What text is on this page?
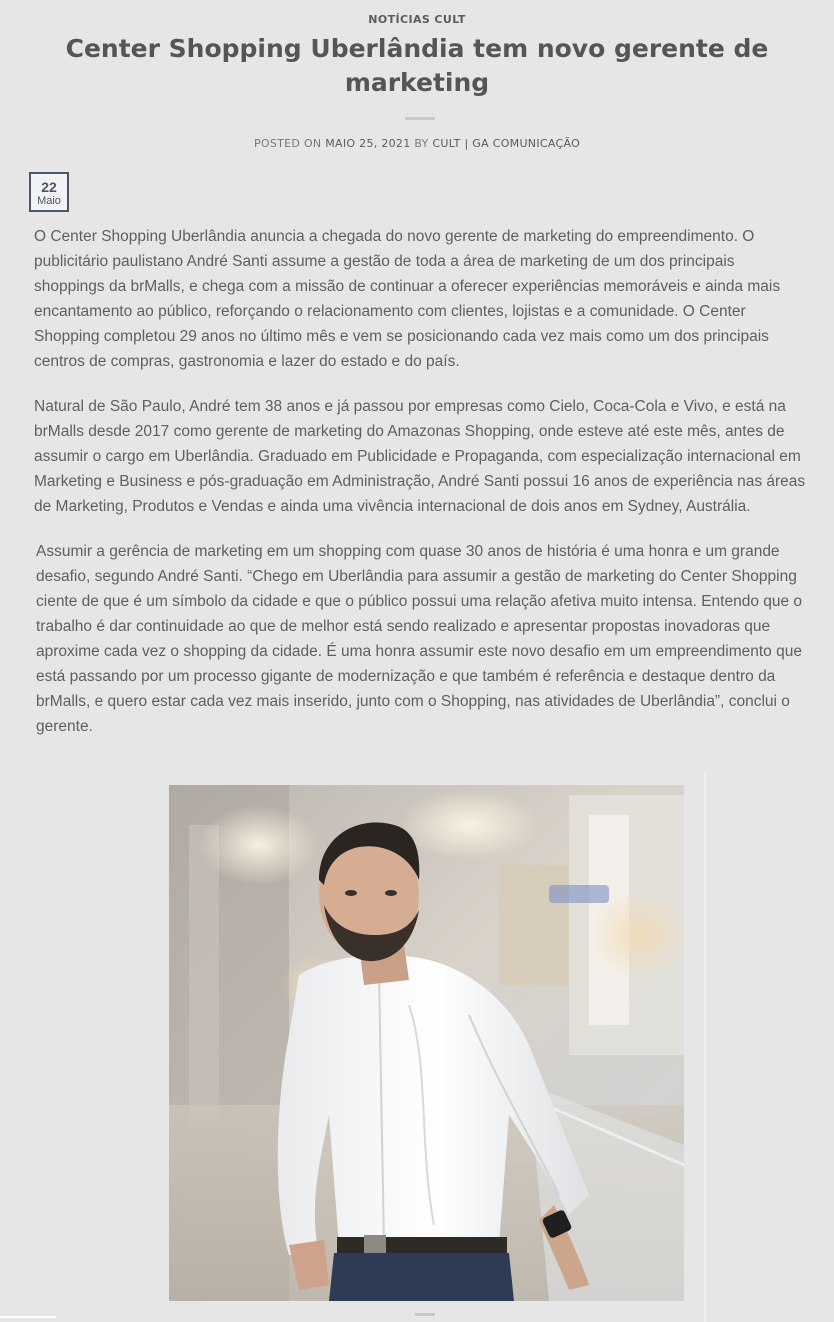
NOTÍCIAS CULT
Center Shopping Uberlândia tem novo gerente de marketing
POSTED ON MAIO 25, 2021 BY CULT | GA COMUNICAÇÃO
22
Maio

O Center Shopping Uberlândia anuncia a chegada do novo gerente de marketing do empreendimento. O publicitário paulistano André Santi assume a gestão de toda a área de marketing de um dos principais shoppings da brMalls, e chega com a missão de continuar a oferecer experiências memoráveis e ainda mais encantamento ao público, reforçando o relacionamento com clientes, lojistas e a comunidade. O Center Shopping completou 29 anos no último mês e vem se posicionando cada vez mais como um dos principais centros de compras, gastronomia e lazer do estado e do país.

Natural de São Paulo, André tem 38 anos e já passou por empresas como Cielo, Coca-Cola e Vivo, e está na brMalls desde 2017 como gerente de marketing do Amazonas Shopping, onde esteve até este mês, antes de assumir o cargo em Uberlândia. Graduado em Publicidade e Propaganda, com especialização internacional em Marketing e Business e pós-graduação em Administração, André Santi possui 16 anos de experiência nas áreas de Marketing, Produtos e Vendas e ainda uma vivência internacional de dois anos em Sydney, Austrália.

Assumir a gerência de marketing em um shopping com quase 30 anos de história é uma honra e um grande desafio, segundo André Santi. “Chego em Uberlândia para assumir a gestão de marketing do Center Shopping ciente de que é um símbolo da cidade e que o público possui uma relação afetiva muito intensa. Entendo que o trabalho é dar continuidade ao que de melhor está sendo realizado e apresentar propostas inovadoras que aproxime cada vez o shopping da cidade. É uma honra assumir este novo desafio em um empreendimento que está passando por um processo gigante de modernização e que também é referência e destaque dentro da brMalls, e quero estar cada vez mais inserido, junto com o Shopping, nas atividades de Uberlândia”, conclui o gerente.
